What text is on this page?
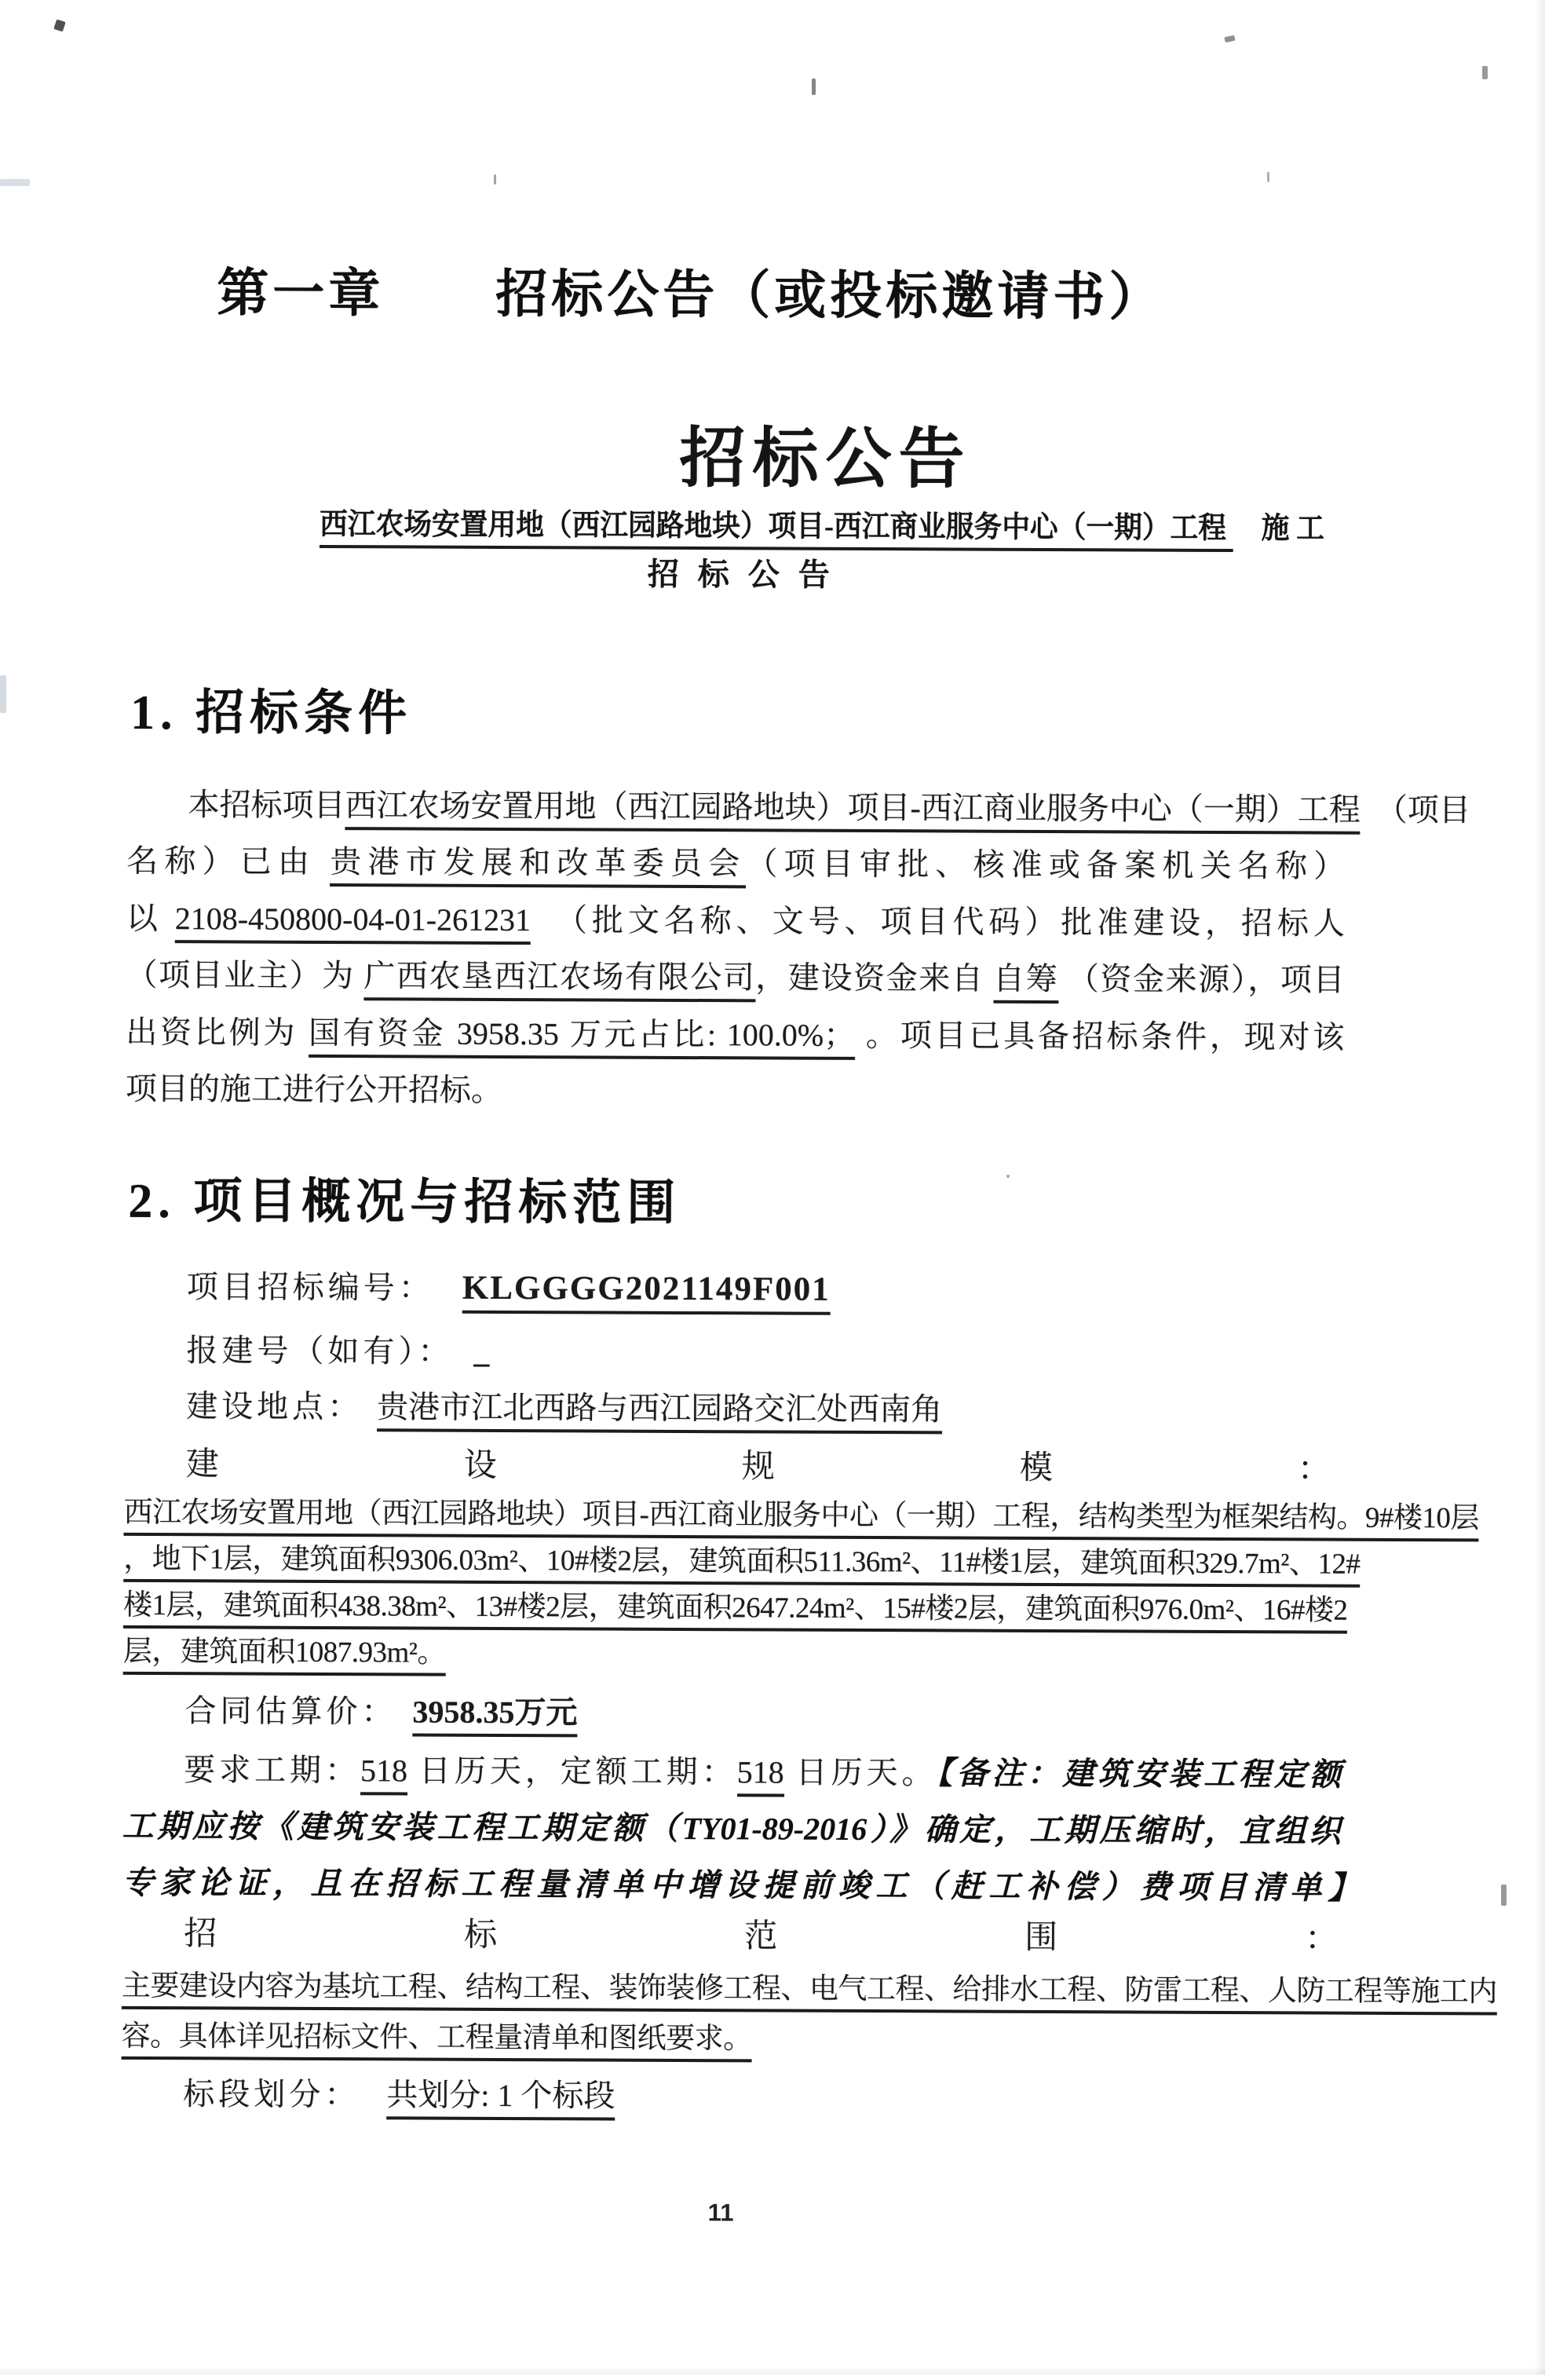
第一章　　招标公告（或投标邀请书）
招标公告
西江农场安置用地（西江园路地块）项目-西江商业服务中心（一期）工程 　施 工
招 标 公 告
1. 招标条件
本招标项目西江农场安置用地（西江园路地块）项目-西江商业服务中心（一期）工程　（项目
名称）已由 贵港市发展和改革委员会（项目审批、核准或备案机关名称）
以 2108-450800-04-01-261231　（批文名称、文号、项目代码）批准建设，招标人
（项目业主）为 广西农垦西江农场有限公司，建设资金来自 自筹 （资金来源），项目
出资比例为 国有资金 3958.35 万元占比: 100.0%； 。项目已具备招标条件，现对该
项目的施工进行公开招标。
2. 项目概况与招标范围
项目招标编号： KLGGGG2021149F001
报建号（如有）： _
建设地点： 贵港市江北西路与西江园路交汇处西南角
建 设 规 模 ：
西江农场安置用地（西江园路地块）项目-西江商业服务中心（一期）工程，结构类型为框架结构。9#楼10层
，地下1层，建筑面积9306.03m²、10#楼2层，建筑面积511.36m²、11#楼1层，建筑面积329.7m²、12#
楼1层，建筑面积438.38m²、13#楼2层，建筑面积2647.24m²、15#楼2层，建筑面积976.0m²、16#楼2
层，建筑面积1087.93m²。
合同估算价： 3958.35万元
要求工期：518 日历天，定额工期：518 日历天。【备注：建筑安装工程定额
工期应按《建筑安装工程工期定额（TY01-89-2016）》确定，工期压缩时，宜组织
专家论证，且在招标工程量清单中增设提前竣工（赶工补偿）费项目清单】
招 标 范 围 ：
主要建设内容为基坑工程、结构工程、装饰装修工程、电气工程、给排水工程、防雷工程、人防工程等施工内
容。具体详见招标文件、工程量清单和图纸要求。
标段划分： 共划分: 1 个标段
11
